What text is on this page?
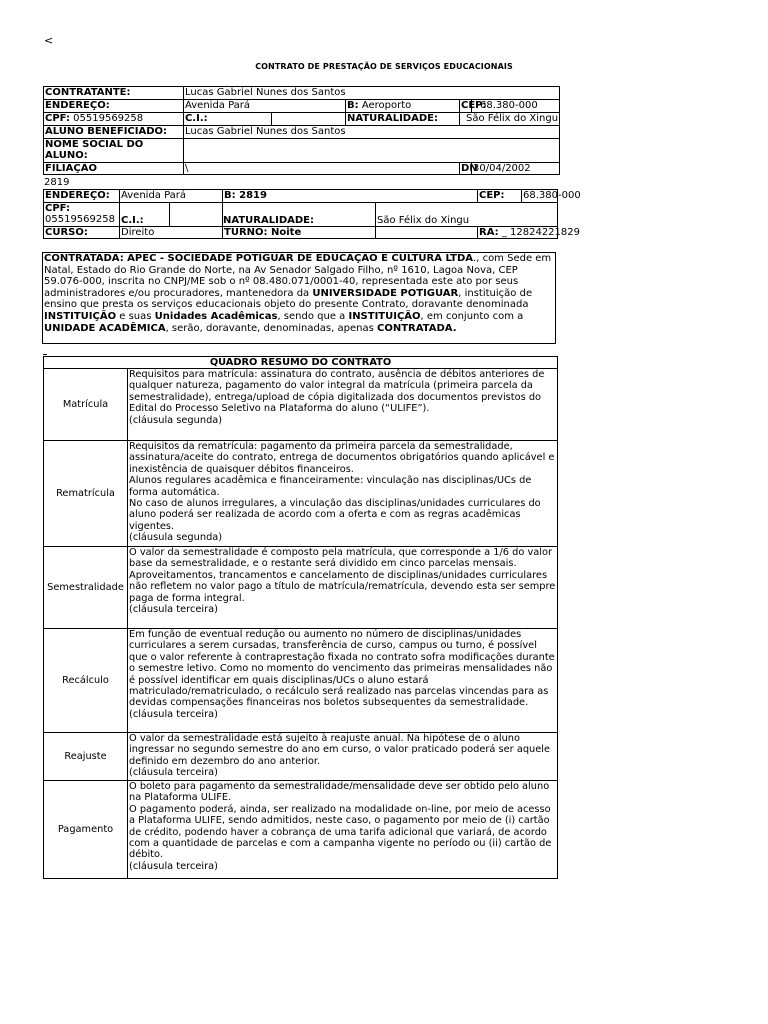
<
CONTRATO DE PRESTAÇÃO DE SERVIÇOS EDUCACIONAIS
CONTRATANTE:	Lucas Gabriel Nunes dos Santos				
ENDEREÇO:	Avenida Pará		B: Aeroporto	CEP:	68.380-000
CPF: 05519569258	C.I.:		NATURALIDADE:	São Félix do Xingu	
ALUNO BENEFICIADO:	Lucas Gabriel Nunes dos Santos				
NOME SOCIAL DO ALUNO:					
FILIAÇÃO	\			DN	30/04/2002
2819
ENDEREÇO:	Avenida Pará		B: 2819		CEP:	68.380-000

CPF:
05519569258	C.I.:		NATURALIDADE:	São Félix do Xingu		
CURSO:	Direito		TURNO: Noite		RA: _ 12824221829	
CONTRATADA: APEC - SOCIEDADE POTIGUAR DE EDUCAÇÃO E CULTURA LTDA., com Sede em Natal, Estado do Rio Grande do Norte, na Av Senador Salgado Filho, nº 1610, Lagoa Nova, CEP 59.076-000, inscrita no CNPJ/ME sob o nº 08.480.071/0001-40, representada este ato por seus administradores e/ou procuradores, mantenedora da UNIVERSIDADE POTIGUAR, instituição de ensino que presta os serviços educacionais objeto do presente Contrato, doravante denominada INSTITUIÇÃO e suas Unidades Acadêmicas, sendo que a INSTITUIÇÃO, em conjunto com a UNIDADE ACADÊMICA, serão, doravante, denominadas, apenas CONTRATADA.
QUADRO RESUMO DO CONTRATO	
Matrícula	Requisitos para matrícula: assinatura do contrato, ausência de débitos anteriores de qualquer natureza, pagamento do valor integral da matrícula (primeira parcela da semestralidade), entrega/upload de cópia digitalizada dos documentos previstos do Edital do Processo Seletivo na Plataforma do aluno (“ULIFE”).
(cláusula segunda)

Rematrícula	Requisitos da rematrícula: pagamento da primeira parcela da semestralidade, assinatura/aceite do contrato, entrega de documentos obrigatórios quando aplicável e inexistência de quaisquer débitos financeiros.
Alunos regulares acadêmica e financeiramente: vinculação nas disciplinas/UCs de forma automática.
No caso de alunos irregulares, a vinculação das disciplinas/unidades curriculares do aluno poderá ser realizada de acordo com a oferta e com as regras acadêmicas vigentes.
(cláusula segunda)

Semestralidade	O valor da semestralidade é composto pela matrícula, que corresponde a 1/6 do valor base da semestralidade, e o restante será dividido em cinco parcelas mensais.
Aproveitamentos, trancamentos e cancelamento de disciplinas/unidades curriculares não refletem no valor pago a título de matrícula/rematrícula, devendo esta ser sempre paga de forma integral.
(cláusula terceira)

Recálculo	Em função de eventual redução ou aumento no número de disciplinas/unidades curriculares a serem cursadas, transferência de curso, campus ou turno, é possível que o valor referente à contraprestação fixada no contrato sofra modificações durante o semestre letivo. Como no momento do vencimento das primeiras mensalidades não é possível identificar em quais disciplinas/UCs o aluno estará matriculado/rematriculado, o recálculo será realizado nas parcelas vincendas para as devidas compensações financeiras nos boletos subsequentes da semestralidade.
(cláusula terceira)

Reajuste	O valor da semestralidade está sujeito à reajuste anual. Na hipótese de o aluno ingressar no segundo semestre do ano em curso, o valor praticado poderá ser aquele definido em dezembro do ano anterior.
(cláusula terceira)

Pagamento	O boleto para pagamento da semestralidade/mensalidade deve ser obtido pelo aluno na Plataforma ULIFE.
O pagamento poderá, ainda, ser realizado na modalidade on-line, por meio de acesso a Plataforma ULIFE, sendo admitidos, neste caso, o pagamento por meio de (i) cartão de crédito, podendo haver a cobrança de uma tarifa adicional que variará, de acordo com a quantidade de parcelas e com a campanha vigente no período ou (ii) cartão de débito.
(cláusula terceira)
